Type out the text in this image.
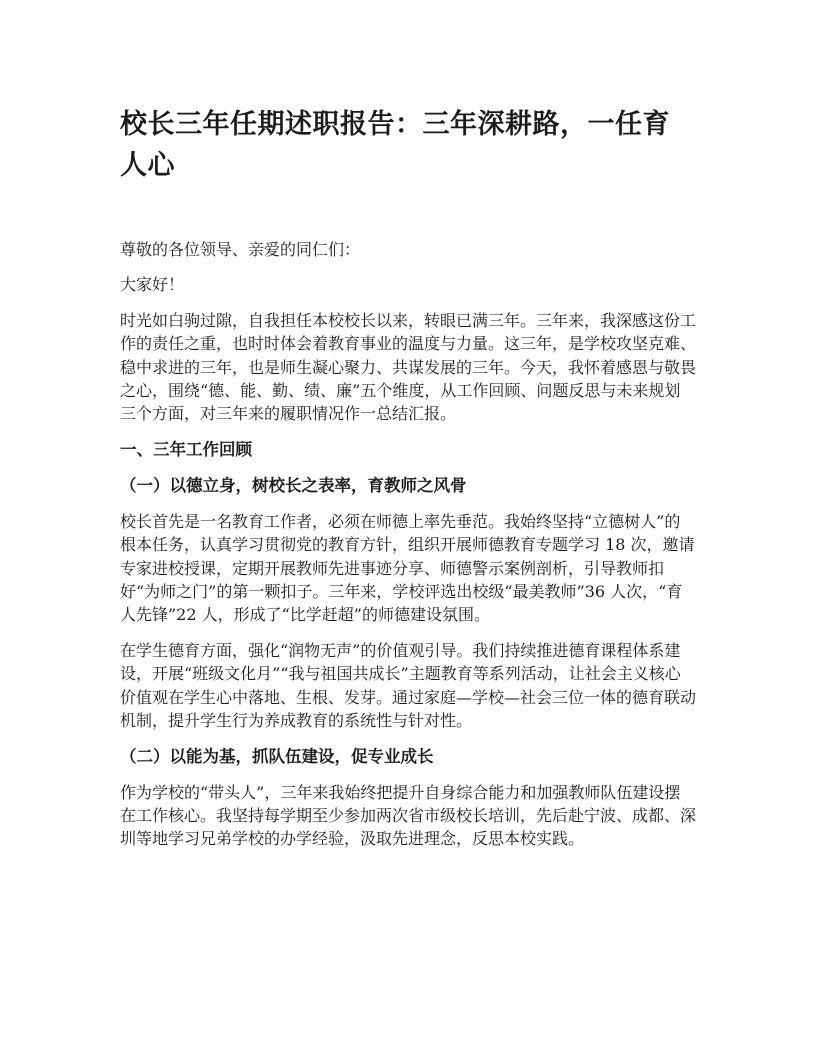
校长三年任期述职报告：三年深耕路，一任育人心

尊敬的各位领导、亲爱的同仁们：

大家好！

时光如白驹过隙，自我担任本校校长以来，转眼已满三年。三年来，我深感这份工作的责任之重，也时时体会着教育事业的温度与力量。这三年，是学校攻坚克难、稳中求进的三年，也是师生凝心聚力、共谋发展的三年。今天，我怀着感恩与敬畏之心，围绕“德、能、勤、绩、廉”五个维度，从工作回顾、问题反思与未来规划三个方面，对三年来的履职情况作一总结汇报。

一、三年工作回顾
（一）以德立身，树校长之表率，育教师之风骨

校长首先是一名教育工作者，必须在师德上率先垂范。我始终坚持“立德树人”的根本任务，认真学习贯彻党的教育方针，组织开展师德教育专题学习 18 次，邀请专家进校授课，定期开展教师先进事迹分享、师德警示案例剖析，引导教师扣好“为师之门”的第一颗扣子。三年来，学校评选出校级“最美教师”36 人次，“育人先锋”22 人，形成了“比学赶超”的师德建设氛围。

在学生德育方面，强化“润物无声”的价值观引导。我们持续推进德育课程体系建设，开展“班级文化月”“我与祖国共成长”主题教育等系列活动，让社会主义核心价值观在学生心中落地、生根、发芽。通过家庭—学校—社会三位一体的德育联动机制，提升学生行为养成教育的系统性与针对性。

（二）以能为基，抓队伍建设，促专业成长

作为学校的“带头人”，三年来我始终把提升自身综合能力和加强教师队伍建设摆在工作核心。我坚持每学期至少参加两次省市级校长培训，先后赴宁波、成都、深圳等地学习兄弟学校的办学经验，汲取先进理念，反思本校实践。
